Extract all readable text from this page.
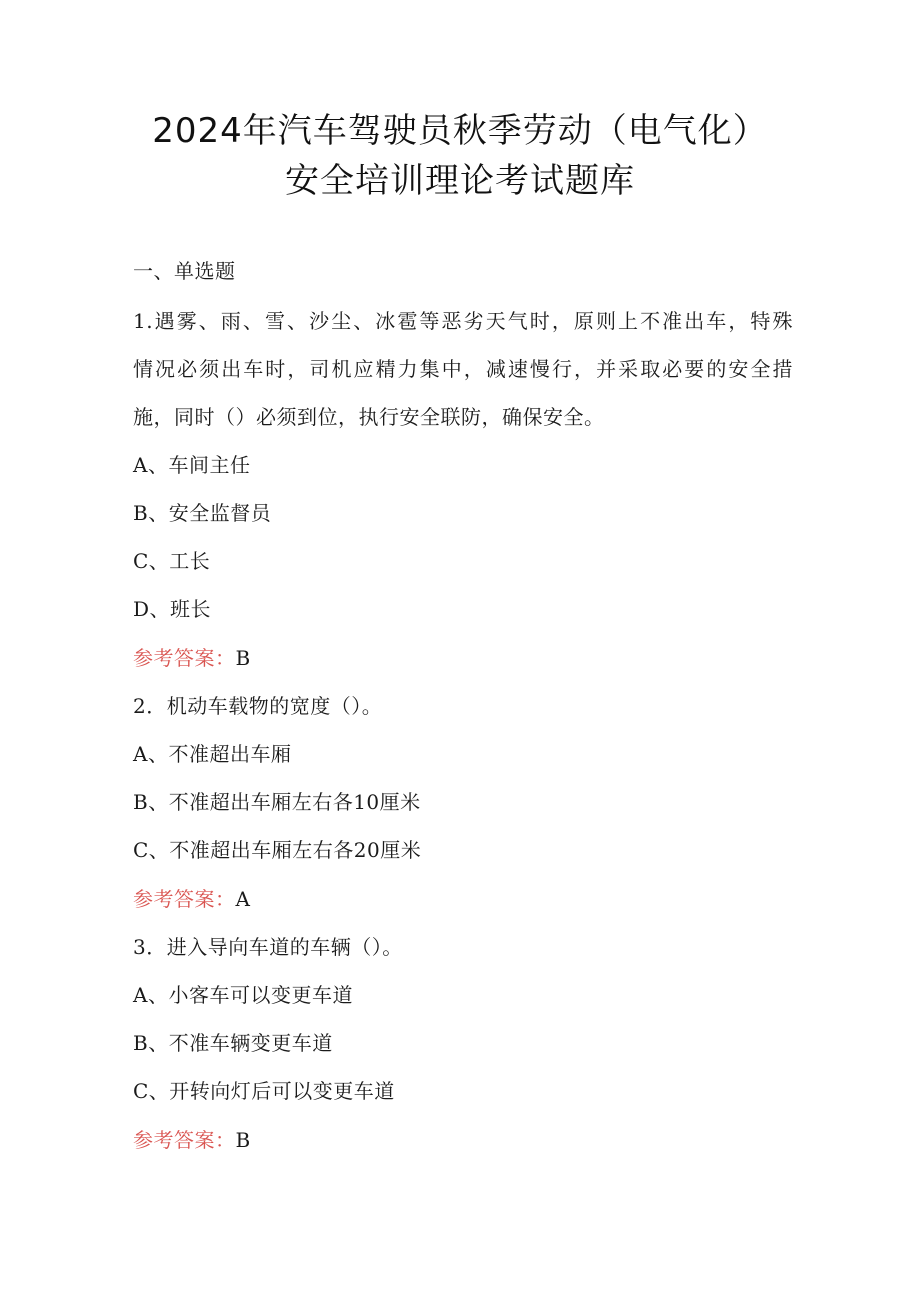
2024年汽车驾驶员秋季劳动（电气化）
安全培训理论考试题库
一、单选题
1.遇雾、雨、雪、沙尘、冰雹等恶劣天气时，原则上不准出车，特殊
情况必须出车时，司机应精力集中，减速慢行，并采取必要的安全措
施，同时（）必须到位，执行安全联防，确保安全。
A、车间主任
B、安全监督员
C、工长
D、班长
参考答案：B
2．机动车载物的宽度（）。
A、不准超出车厢
B、不准超出车厢左右各10厘米
C、不准超出车厢左右各20厘米
参考答案：A
3．进入导向车道的车辆（）。
A、小客车可以变更车道
B、不准车辆变更车道
C、开转向灯后可以变更车道
参考答案：B
